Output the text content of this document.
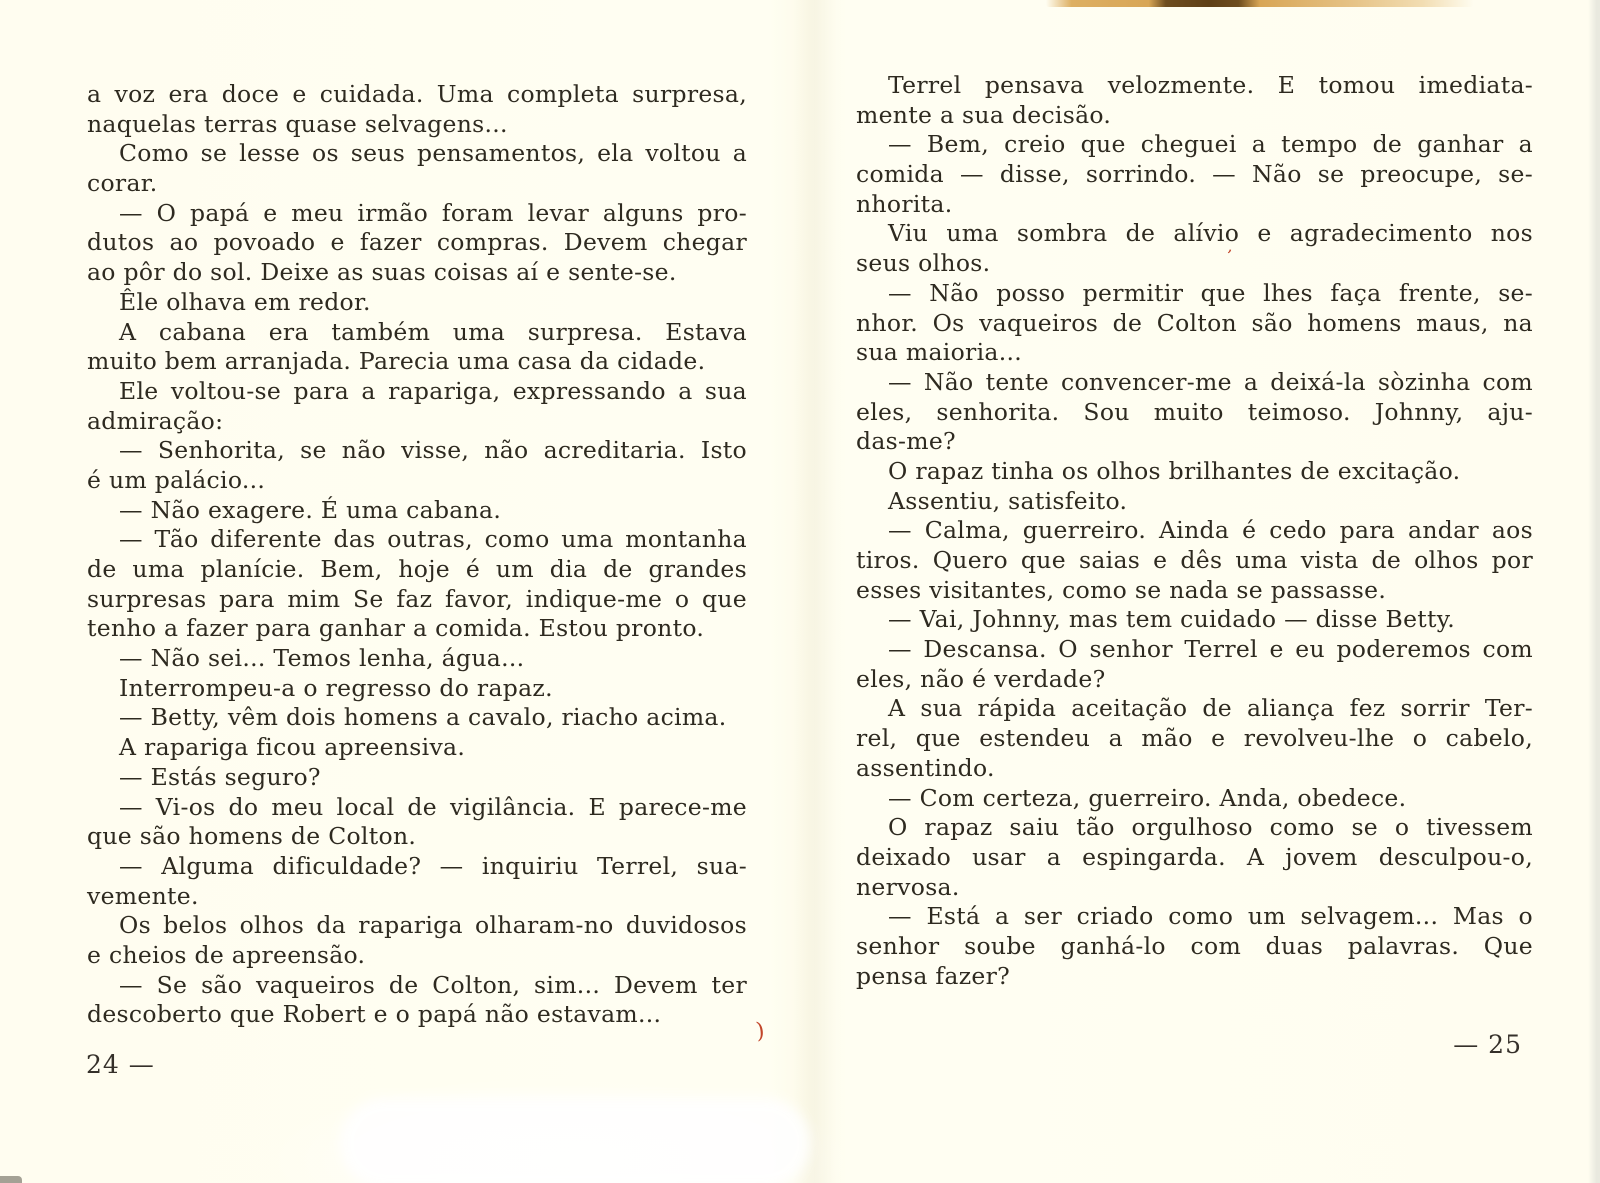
’
)
a voz era doce e cuidada. Uma completa surpresa,
naquelas terras quase selvagens...
Como se lesse os seus pensamentos, ela voltou a
corar.
— O papá e meu irmão foram levar alguns pro-
dutos ao povoado e fazer compras. Devem chegar
ao pôr do sol. Deixe as suas coisas aí e sente-se.
Êle olhava em redor.
A cabana era também uma surpresa. Estava
muito bem arranjada. Parecia uma casa da cidade.
Ele voltou-se para a rapariga, expressando a sua
admiração:
— Senhorita, se não visse, não acreditaria. Isto
é um palácio...
— Não exagere. É uma cabana.
— Tão diferente das outras, como uma montanha
de uma planície. Bem, hoje é um dia de grandes
surpresas para mim Se faz favor, indique-me o que
tenho a fazer para ganhar a comida. Estou pronto.
— Não sei... Temos lenha, água...
Interrompeu-a o regresso do rapaz.
— Betty, vêm dois homens a cavalo, riacho acima.
A rapariga ficou apreensiva.
— Estás seguro?
— Vi-os do meu local de vigilância. E parece-me
que são homens de Colton.
— Alguma dificuldade? — inquiriu Terrel, sua-
vemente.
Os belos olhos da rapariga olharam-no duvidosos
e cheios de apreensão.
— Se são vaqueiros de Colton, sim... Devem ter
descoberto que Robert e o papá não estavam...
24 —
Terrel pensava velozmente. E tomou imediata-
mente a sua decisão.
— Bem, creio que cheguei a tempo de ganhar a
comida — disse, sorrindo. — Não se preocupe, se-
nhorita.
Viu uma sombra de alívio e agradecimento nos
seus olhos.
— Não posso permitir que lhes faça frente, se-
nhor. Os vaqueiros de Colton são homens maus, na
sua maioria...
— Não tente convencer-me a deixá-la sòzinha com
eles, senhorita. Sou muito teimoso. Johnny, aju-
das-me?
O rapaz tinha os olhos brilhantes de excitação.
Assentiu, satisfeito.
— Calma, guerreiro. Ainda é cedo para andar aos
tiros. Quero que saias e dês uma vista de olhos por
esses visitantes, como se nada se passasse.
— Vai, Johnny, mas tem cuidado — disse Betty.
— Descansa. O senhor Terrel e eu poderemos com
eles, não é verdade?
A sua rápida aceitação de aliança fez sorrir Ter-
rel, que estendeu a mão e revolveu-lhe o cabelo,
assentindo.
— Com certeza, guerreiro. Anda, obedece.
O rapaz saiu tão orgulhoso como se o tivessem
deixado usar a espingarda. A jovem desculpou-o,
nervosa.
— Está a ser criado como um selvagem... Mas o
senhor soube ganhá-lo com duas palavras. Que
pensa fazer?
— 25
